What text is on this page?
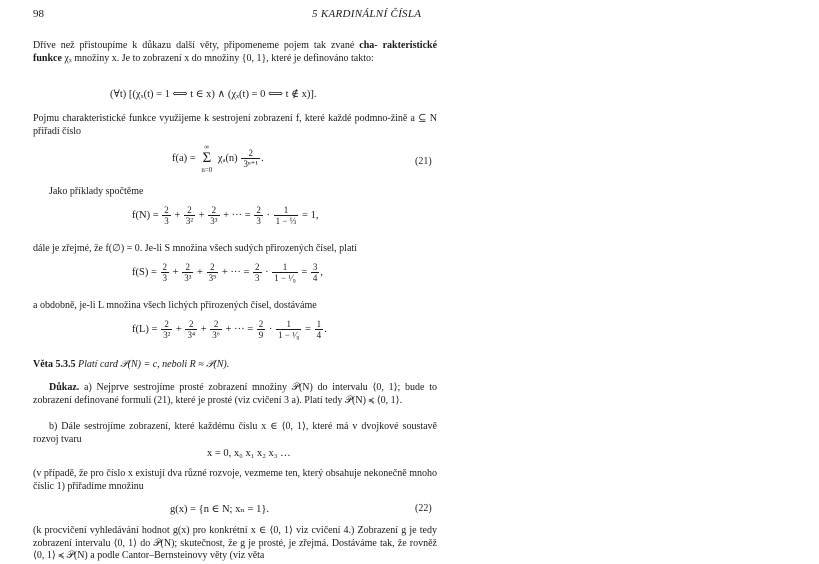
98	5 KARDINÁLNÍ ČÍSLA

Dříve než přistoupíme k důkazu další věty, připomeneme pojem tak zvané cha- rakteristické funkce χₓ množiny x. Je to zobrazení x do množiny {0, 1}, které je definováno takto:

(∀t) [(χₓ(t) = 1 ⟺ t ∈ x) ∧ (χₓ(t) = 0 ⟺ t ∉ x)].

Pojmu charakteristické funkce využijeme k sestrojení zobrazení f, které každé podmno-žině a ⊆ N přiřadí číslo

f(a) = ∞
Σ
n=0 $\chi_a(n) \frac{2}{\text{3ⁿ⁺¹}}$ .	(21)

Jako příklady spočtěme

$f(N) = \frac{2}{3} + \frac{2}{\text{3²}} + \frac{2}{\text{3³}}$ + ··· = $\frac{2}{3} \cdot \frac{1}{\text{1 − ⅓}} = 1$,

dále je zřejmé, že f(∅) = 0. Je-li S množina všech sudých přirozených čísel, platí

$f(S) = \frac{2}{3} + \frac{2}{\text{3³}} + \frac{2}{\text{3⁵}}$ + ··· = $\frac{2}{3} \cdot \frac{1}{\text{1 − ¹⁄₉}} = \frac{3}{4}$ ,

a obdobně, je-li L množina všech lichých přirozených čísel, dostáváme

$f(L) = \frac{2}{\text{3²}} + \frac{2}{\text{3⁴}} + \frac{2}{\text{3⁶}}$ + ··· = $\frac{2}{9} \cdot \frac{1}{\text{1 − ¹⁄₉}} = \frac{1}{4}$ .

Věta 5.3.5 Platí card 𝒫(N) = c, neboli R ≈ 𝒫(N).

Důkaz. a) Nejprve sestrojíme prosté zobrazení množiny 𝒫(N) do intervalu ⟨0, 1⟩; bude to zobrazení definované formulí (21), které je prosté (viz cvičení 3 a). Platí tedy 𝒫(N) ≼ ⟨0, 1⟩.

b) Dále sestrojíme zobrazení, které každému číslu x ∈ ⟨0, 1⟩, které má v dvojkové soustavě rozvoj tvaru

x = 0, x₀ x₁ x₂ x₃ …

(v případě, že pro číslo x existují dva různé rozvoje, vezmeme ten, který obsahuje nekonečně mnoho číslic 1) přiřadíme množinu

g(x) = {n ∈ N; xₙ = 1}.	(22)

(k procvičení vyhledávání hodnot g(x) pro konkrétní x ∈ ⟨0, 1⟩ viz cvičení 4.) Zobrazení g je tedy zobrazení intervalu ⟨0, 1⟩ do 𝒫(N); skutečnost, že g je prosté, je zřejmá. Dostáváme tak, že rovněž ⟨0, 1⟩ ≼ 𝒫(N) a podle Cantor–Bernsteinovy věty (viz věta
